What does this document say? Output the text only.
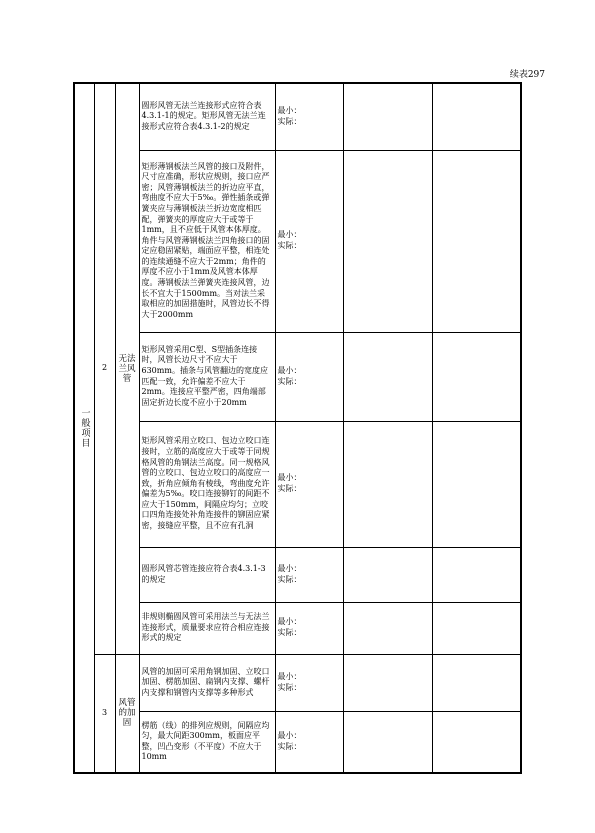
续表297
一般项目	2	无法兰风管	圆形风管无法兰连接形式应符合表4.3.1-1的规定。矩形风管无法兰连接形式应符合表4.3.1-2的规定	最小：
实际：		

			矩形薄钢板法兰风管的接口及附件，尺寸应准确，形状应规则，接口应严密；风管薄钢板法兰的折边应平直，弯曲度不应大于5‰。弹性插条或弹簧夹应与薄钢板法兰折边宽度相匹配，弹簧夹的厚度应大于或等于1mm，且不应低于风管本体厚度。角件与风管薄钢板法兰四角接口的固定应稳固紧贴，端面应平整，相连处的连续通缝不应大于2mm；角件的厚度不应小于1mm及风管本体厚度。薄钢板法兰弹簧夹连接风管，边长不宜大于1500mm。当对法兰采取相应的加固措施时，风管边长不得大于2000mm	最小：
实际：		

			矩形风管采用C型、S型插条连接时，风管长边尺寸不应大于630mm。插条与风管翻边的宽度应匹配一致，允许偏差不应大于2mm。连接应平整严密，四角端部固定折边长度不应小于20mm	最小：
实际：		

			矩形风管采用立咬口、包边立咬口连接时，立筋的高度应大于或等于同规格风管的角钢法兰高度。同一规格风管的立咬口、包边立咬口的高度应一致，折角应倾角有棱线，弯曲度允许偏差为5‰。咬口连接铆钉的间距不应大于150mm，间隔应均匀；立咬口四角连接处补角连接件的铆固应紧密，接缝应平整，且不应有孔洞	最小：
实际：		

			圆形风管芯管连接应符合表4.3.1-3的规定	最小：
实际：		

			非规则椭圆风管可采用法兰与无法兰连接形式，质量要求应符合相应连接形式的规定	最小：
实际：		

	3	风管的加固	风管的加固可采用角钢加固、立咬口加固、楞筋加固、扁钢内支撑、螺杆内支撑和钢管内支撑等多种形式	最小：
实际：		

			楞筋（线）的排列应规则，间隔应均匀，最大间距300mm，板面应平整，凹凸变形（不平度）不应大于10mm	最小：
实际：		
